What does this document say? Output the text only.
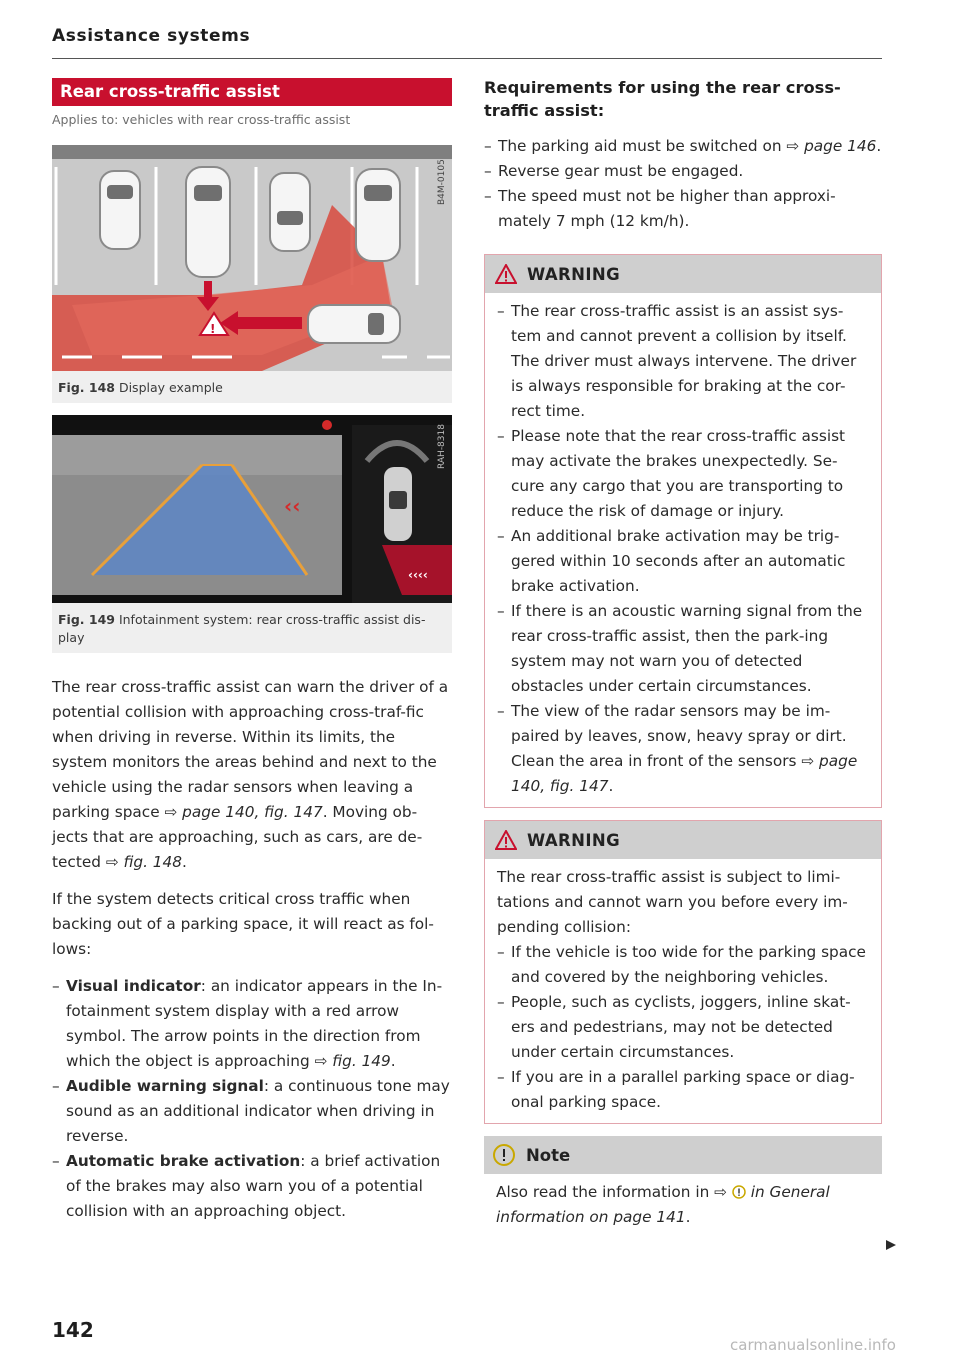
Assistance systems
Rear cross-traffic assist
Applies to: vehicles with rear cross-traffic assist
!
B4M-0105
Fig. 148 Display example
‹‹
‹‹‹‹
RAH-8318
Fig. 149 Infotainment system: rear cross-traffic assist dis-play

The rear cross-traffic assist can warn the driver of a potential collision with approaching cross-traf-fic when driving in reverse. Within its limits, the system monitors the areas behind and next to the vehicle using the radar sensors when leaving a parking space ⇨ page 140, fig. 147. Moving ob-jects that are approaching, such as cars, are de-tected ⇨ fig. 148.

If the system detects critical cross traffic when backing out of a parking space, it will react as fol-lows:

– Visual indicator: an indicator appears in the In-fotainment system display with a red arrow symbol. The arrow points in the direction from which the object is approaching ⇨ fig. 149.
– Audible warning signal: a continuous tone may sound as an additional indicator when driving in reverse.
– Automatic brake activation: a brief activation of the brakes may also warn you of a potential collision with an approaching object.
Requirements for using the rear cross-traffic assist:
– The parking aid must be switched on ⇨ page 146.
– Reverse gear must be engaged.
– The speed must not be higher than approxi-mately 7 mph (12 km/h).
WARNING
– The rear cross-traffic assist is an assist sys-tem and cannot prevent a collision by itself. The driver must always intervene. The driver is always responsible for braking at the cor-rect time.
– Please note that the rear cross-traffic assist may activate the brakes unexpectedly. Se-cure any cargo that you are transporting to reduce the risk of damage or injury.
– An additional brake activation may be trig-gered within 10 seconds after an automatic brake activation.
– If there is an acoustic warning signal from the rear cross-traffic assist, then the park-ing system may not warn you of detected obstacles under certain circumstances.
– The view of the radar sensors may be im-paired by leaves, snow, heavy spray or dirt. Clean the area in front of the sensors ⇨ page 140, fig. 147.
WARNING

The rear cross-traffic assist is subject to limi-tations and cannot warn you before every im-pending collision:

– If the vehicle is too wide for the parking space and covered by the neighboring vehicles.
– People, such as cyclists, joggers, inline skat-ers and pedestrians, may not be detected under certain circumstances.
– If you are in a parallel parking space or diag-onal parking space.
Note
Also read the information in ⇨  in General information on page 141.
142
carmanualsonline.info
